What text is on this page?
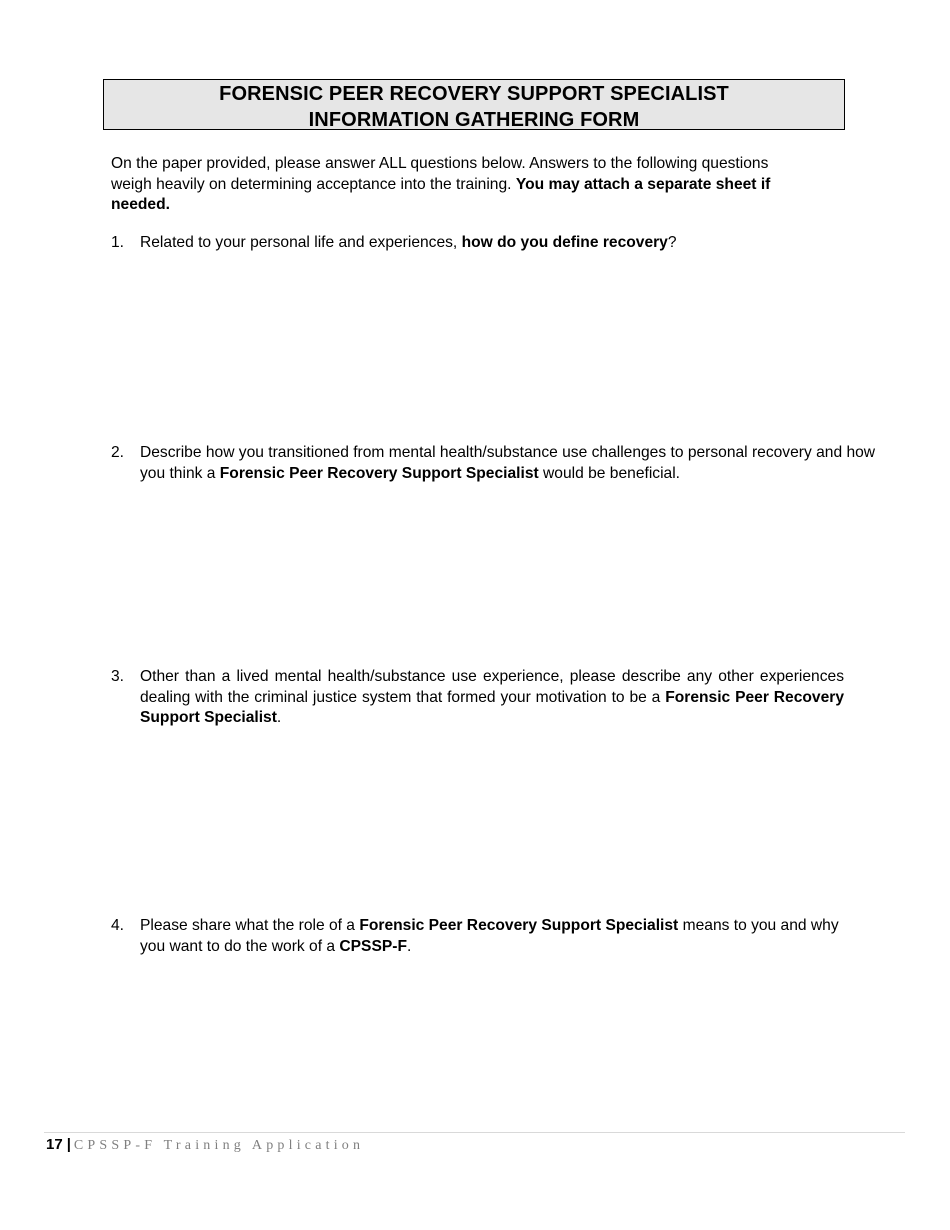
FORENSIC PEER RECOVERY SUPPORT SPECIALIST
INFORMATION GATHERING FORM
On the paper provided, please answer ALL questions below. Answers to the following questions weigh heavily on determining acceptance into the training. You may attach a separate sheet if needed.
1.	Related to your personal life and experiences, how do you define recovery?
2.	Describe how you transitioned from mental health/substance use challenges to personal recovery and how you think a Forensic Peer Recovery Support Specialist would be beneficial.
3.	Other than a lived mental health/substance use experience, please describe any other experiences dealing with the criminal justice system that formed your motivation to be a Forensic Peer Recovery Support Specialist.
4.	Please share what the role of a Forensic Peer Recovery Support Specialist means to you and why you want to do the work of a CPSSP-F.
17 | CPSSP-F Training Application
